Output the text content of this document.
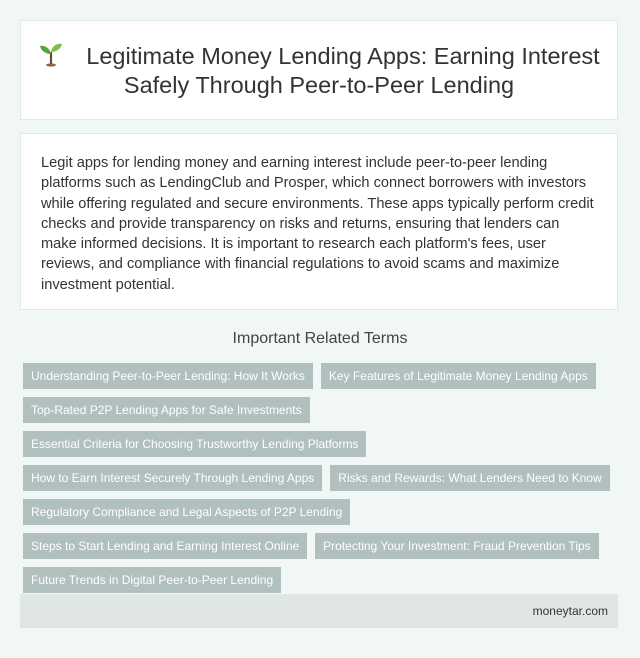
Legitimate Money Lending Apps: Earning Interest Safely Through Peer-to-Peer Lending

Legit apps for lending money and earning interest include peer-to-peer lending platforms such as LendingClub and Prosper, which connect borrowers with investors while offering regulated and secure environments. These apps typically perform credit checks and provide transparency on risks and returns, ensuring that lenders can make informed decisions. It is important to research each platform's fees, user reviews, and compliance with financial regulations to avoid scams and maximize investment potential.

Important Related Terms
Understanding Peer-to-Peer Lending: How It Works	Key Features of Legitimate Money Lending Apps
Top-Rated P2P Lending Apps for Safe Investments
Essential Criteria for Choosing Trustworthy Lending Platforms
How to Earn Interest Securely Through Lending Apps	Risks and Rewards: What Lenders Need to Know
Regulatory Compliance and Legal Aspects of P2P Lending
Steps to Start Lending and Earning Interest Online	Protecting Your Investment: Fraud Prevention Tips
Future Trends in Digital Peer-to-Peer Lending
moneytar.com
